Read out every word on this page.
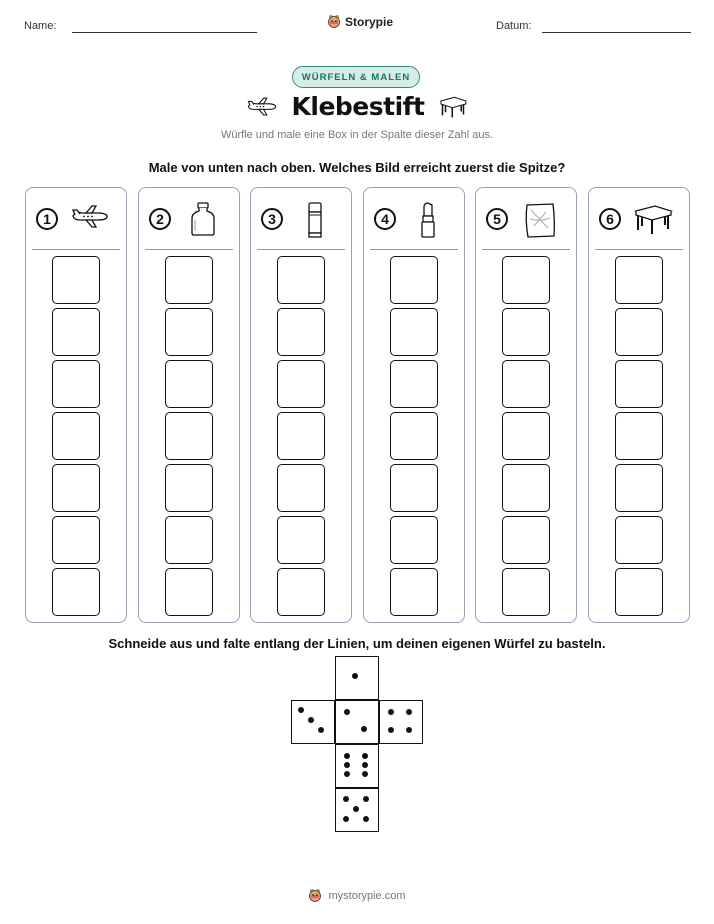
Name:	Storypie	Datum:
WÜRFELN & MALEN
Klebestift
Würfle und male eine Box in der Spalte dieser Zahl aus.
Male von unten nach oben. Welches Bild erreicht zuerst die Spitze?
1	2	3	4	5	6
Schneide aus und falte entlang der Linien, um deinen eigenen Würfel zu basteln.
mystorypie.com
